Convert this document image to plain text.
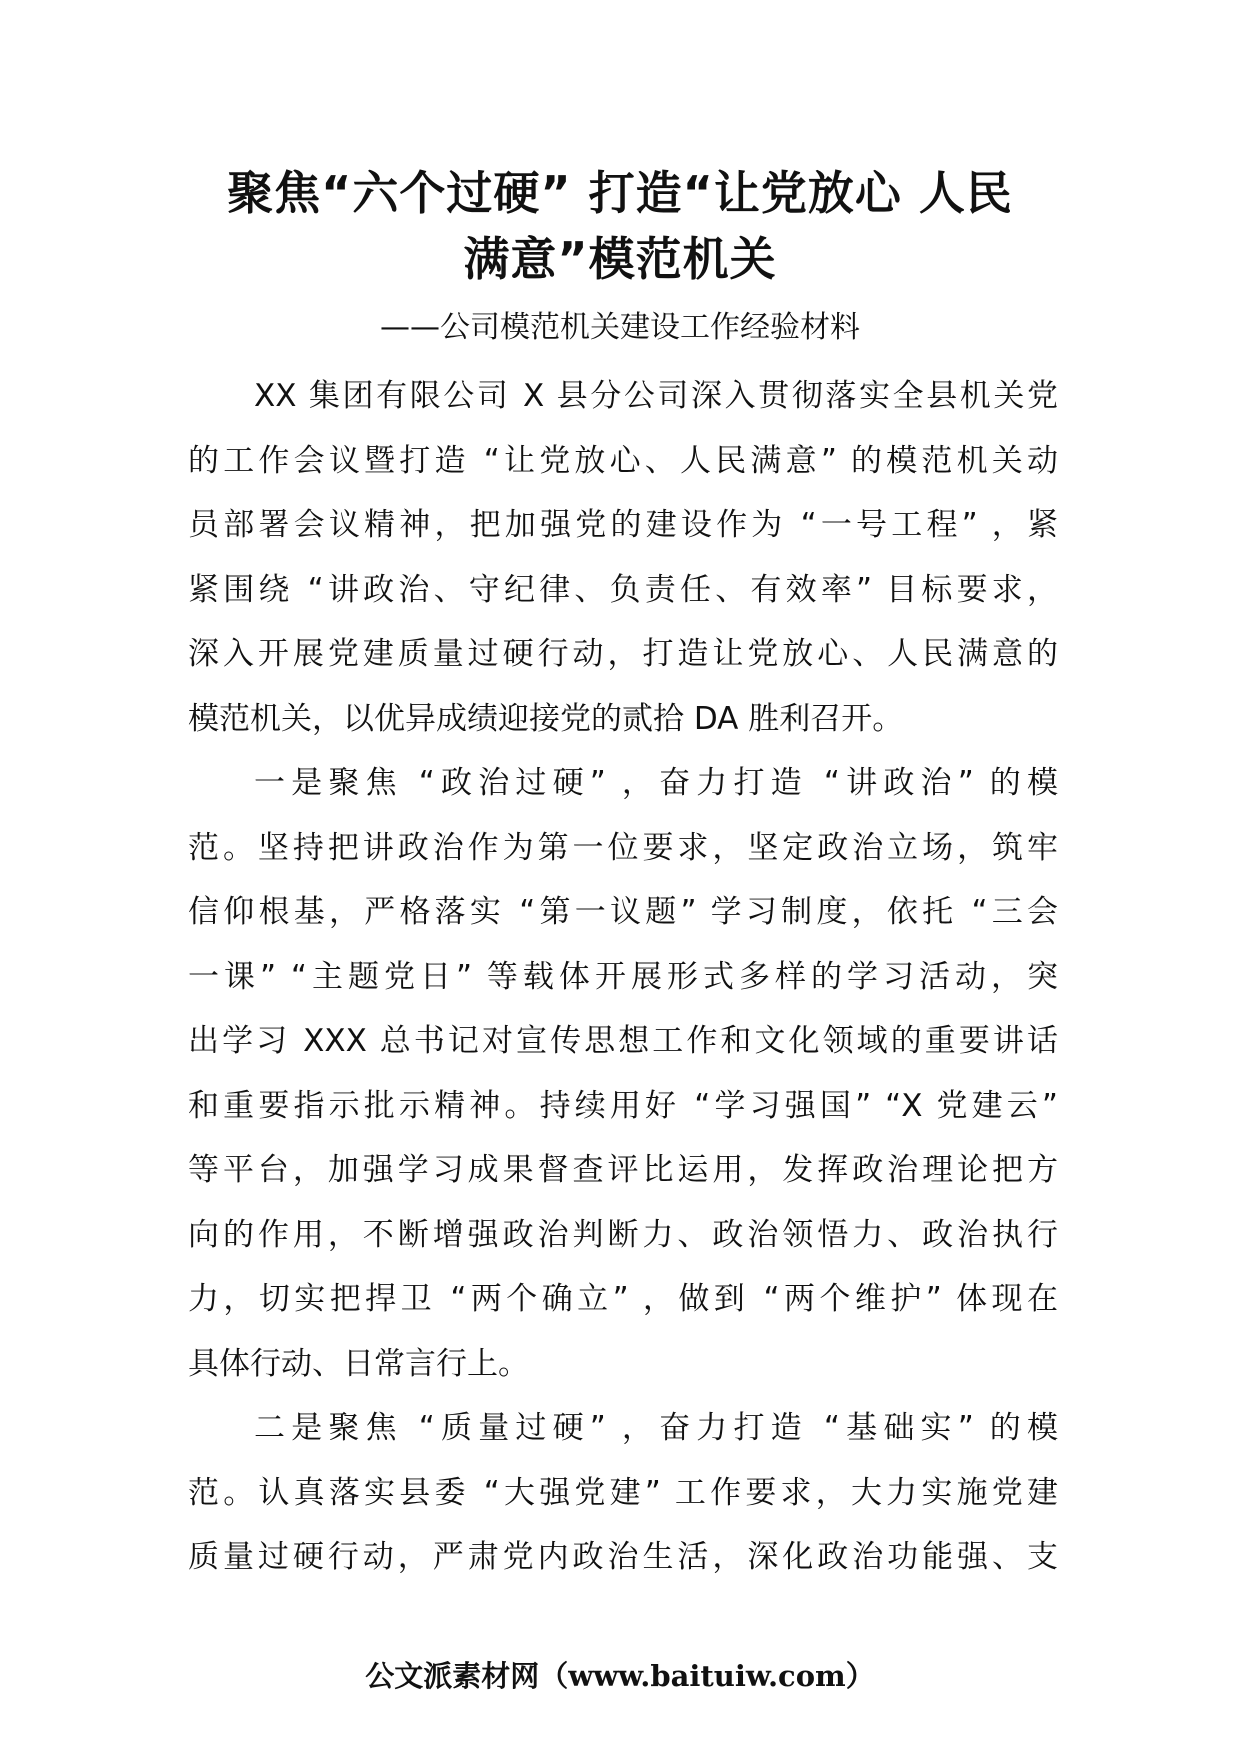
聚焦“六个过硬” 打造“让党放心 人民
满意”模范机关

——公司模范机关建设工作经验材料

XX 集团有限公司 X 县分公司深入贯彻落实全县机关党
的工作会议暨打造 “让党放心、人民满意” 的模范机关动
员部署会议精神，把加强党的建设作为 “一号工程” ，紧
紧围绕 “讲政治、守纪律、负责任、有效率” 目标要求，
深入开展党建质量过硬行动，打造让党放心、人民满意的
模范机关，以优异成绩迎接党的贰拾 DA 胜利召开。

一是聚焦 “政治过硬” ，奋力打造 “讲政治” 的模
范。坚持把讲政治作为第一位要求，坚定政治立场，筑牢
信仰根基，严格落实 “第一议题” 学习制度，依托 “三会
一课” “主题党日” 等载体开展形式多样的学习活动，突
出学习 XXX 总书记对宣传思想工作和文化领域的重要讲话
和重要指示批示精神。持续用好 “学习强国” “X 党建云”
等平台，加强学习成果督查评比运用，发挥政治理论把方
向的作用，不断增强政治判断力、政治领悟力、政治执行
力，切实把捍卫 “两个确立” ，做到 “两个维护” 体现在
具体行动、日常言行上。

二是聚焦 “质量过硬” ，奋力打造 “基础实” 的模
范。认真落实县委 “大强党建” 工作要求，大力实施党建
质量过硬行动，严肃党内政治生活，深化政治功能强、支

公文派素材网（www.baituiw.com）
